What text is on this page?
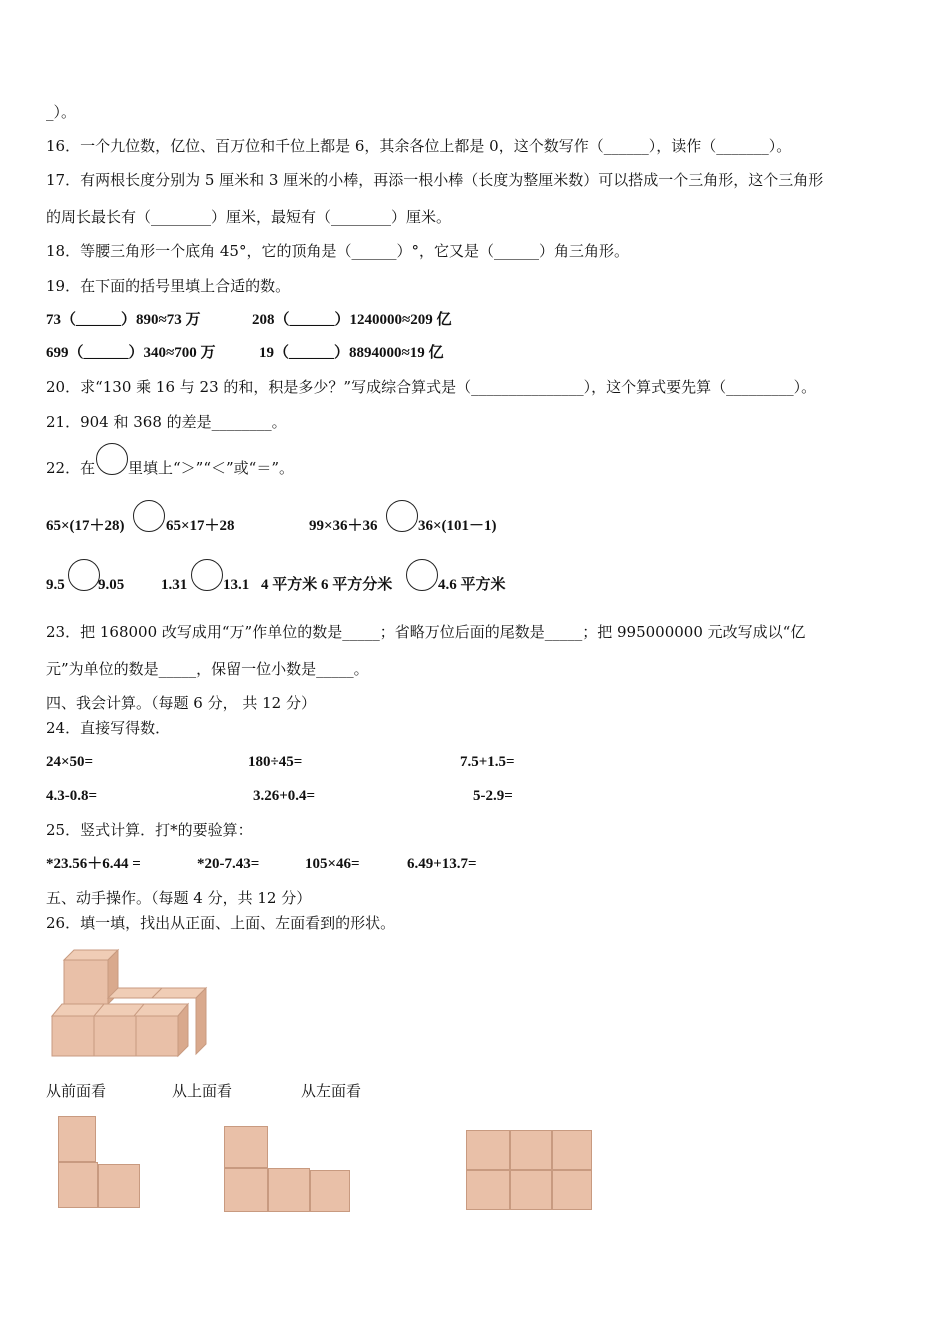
_）。
16．一个九位数，亿位、百万位和千位上都是 6，其余各位上都是 0，这个数写作（______），读作（_______）。
17．有两根长度分别为 5 厘米和 3 厘米的小棒，再添一根小棒（长度为整厘米数）可以搭成一个三角形，这个三角形
的周长最长有（________）厘米，最短有（________）厘米。
18．等腰三角形一个底角 45°，它的顶角是（______）°，它又是（______）角三角形。
19．在下面的括号里填上合适的数。
73（______）890≈73 万	208（______）1240000≈209 亿
699（______）340≈700 万	19（______）8894000≈19 亿
20．求“130 乘 16 与 23 的和，积是多少？”写成综合算式是（_______________），这个算式要先算（_________）。
21．904 和 368 的差是________。
22．在 里填上“＞”“＜”或“＝”。
65×(17＋28)	65×17＋28	99×36＋36	36×(101－1)
9.5 9.05 1.31 13.1 4 平方米 6 平方分米	4.6 平方米
23．把 168000 改写成用“万”作单位的数是_____；省略万位后面的尾数是_____；把 995000000 元改写成以“亿
元”为单位的数是_____，保留一位小数是_____。
四、我会计算。（每题 6 分， 共 12 分）
24．直接写得数．
24×50=	180÷45=	7.5+1.5=
4.3-0.8=	3.26+0.4=	5-2.9=
25．竖式计算．打*的要验算：
*23.56＋6.44 =	*20-7.43=	105×46=	6.49+13.7=
五、动手操作。（每题 4 分，共 12 分）
26．填一填，找出从正面、上面、左面看到的形状。
从前面看	从上面看	从左面看
